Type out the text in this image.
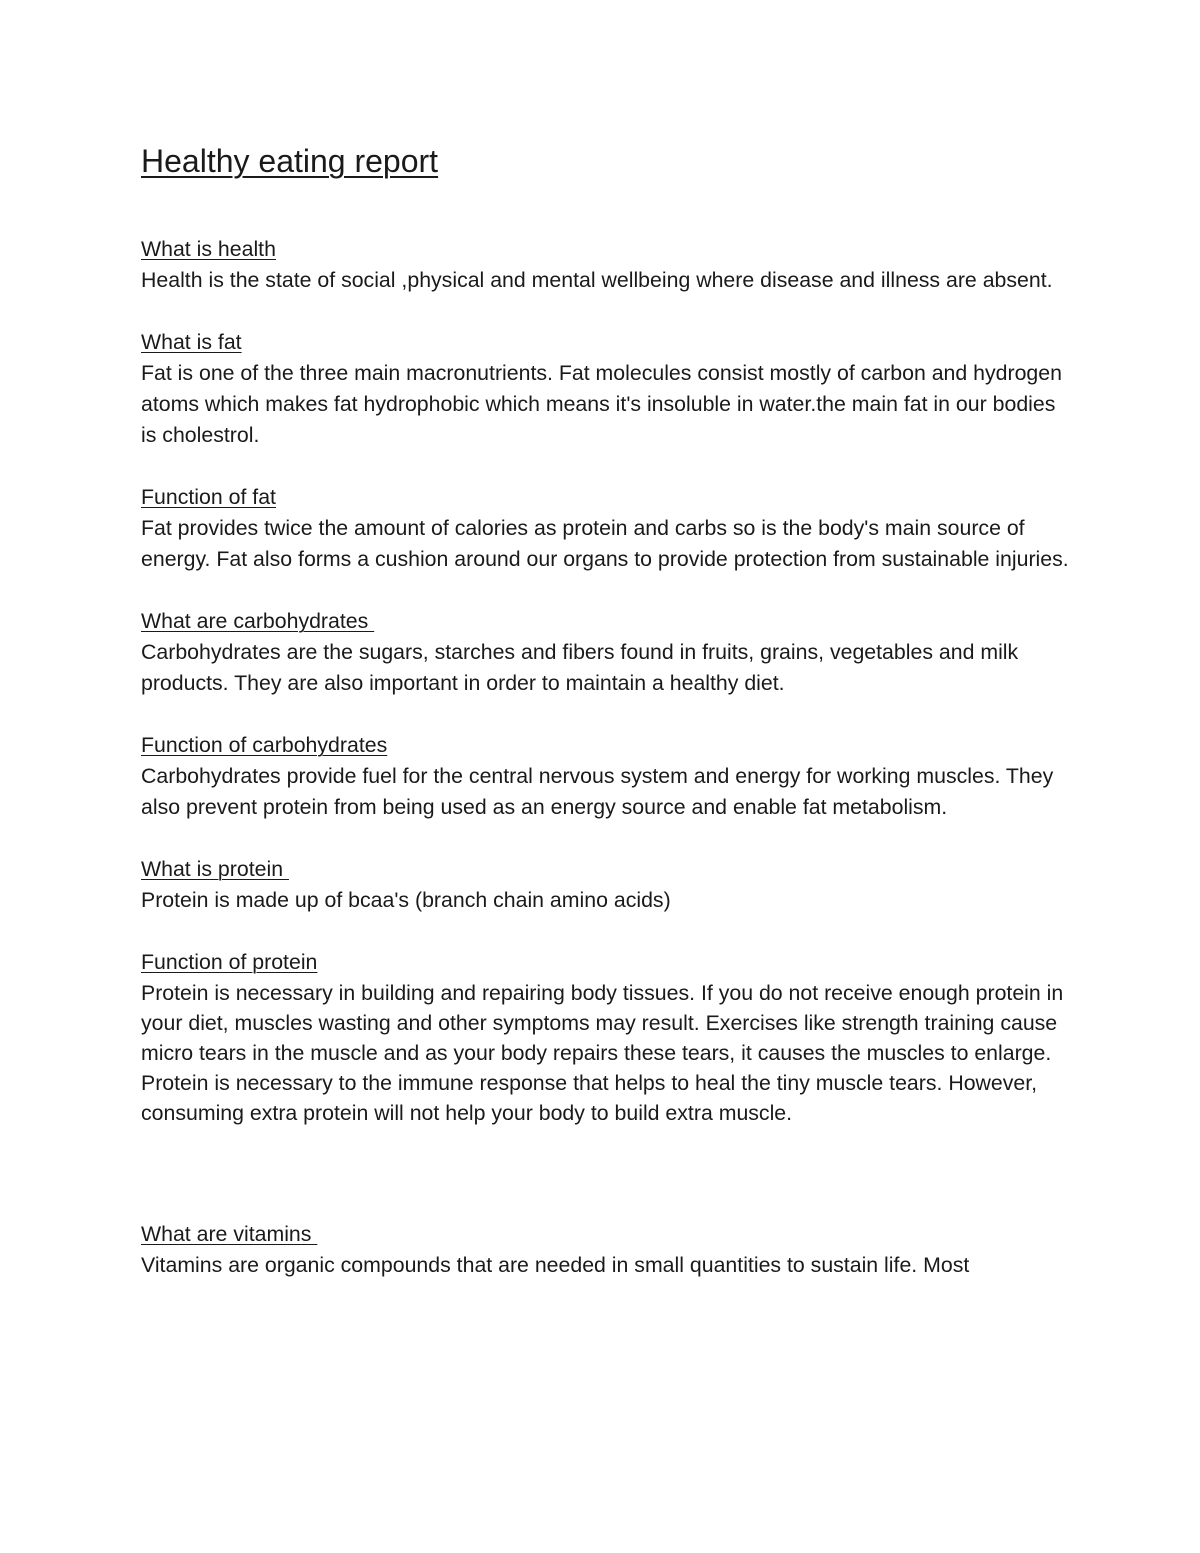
Healthy eating report
What is health

Health is the state of social ,physical and mental wellbeing where disease and illness are absent.

What is fat

Fat is one of the three main macronutrients. Fat molecules consist mostly of carbon and hydrogen atoms which makes fat hydrophobic which means it's insoluble in water.the main fat in our bodies is cholestrol.

Function of fat

Fat provides twice the amount of calories as protein and carbs so is the body's main source of energy. Fat also forms a cushion around our organs to provide protection from sustainable injuries.

What are carbohydrates

Carbohydrates are the sugars, starches and fibers found in fruits, grains, vegetables and milk products. They are also important in order to maintain a healthy diet.

Function of carbohydrates

Carbohydrates provide fuel for the central nervous system and energy for working muscles. They also prevent protein from being used as an energy source and enable fat metabolism.

What is protein

Protein is made up of bcaa's (branch chain amino acids)

Function of protein

Protein is necessary in building and repairing body tissues. If you do not receive enough protein in your diet, muscles wasting and other symptoms may result. Exercises like strength training cause micro tears in the muscle and as your body repairs these tears, it causes the muscles to enlarge. Protein is necessary to the immune response that helps to heal the tiny muscle tears. However, consuming extra protein will not help your body to build extra muscle.

What are vitamins

Vitamins are organic compounds that are needed in small quantities to sustain life. Most
